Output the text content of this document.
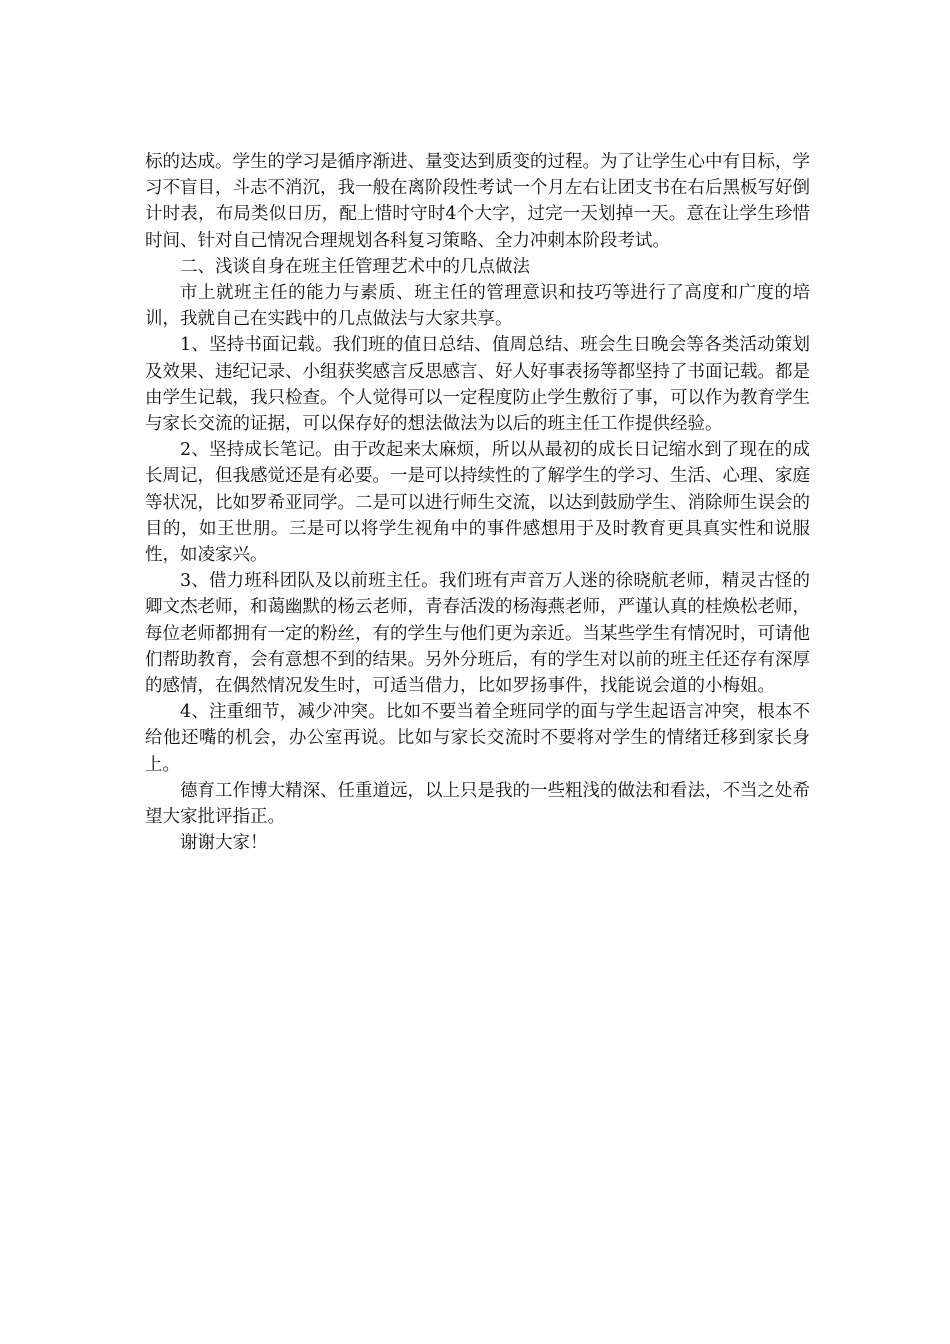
标的达成。学生的学习是循序渐进、量变达到质变的过程。为了让学生心中有目标，学习不盲目，斗志不消沉，我一般在离阶段性考试一个月左右让团支书在右后黑板写好倒计时表，布局类似日历，配上惜时守时4个大字，过完一天划掉一天。意在让学生珍惜时间、针对自己情况合理规划各科复习策略、全力冲刺本阶段考试。

二、浅谈自身在班主任管理艺术中的几点做法

市上就班主任的能力与素质、班主任的管理意识和技巧等进行了高度和广度的培训，我就自己在实践中的几点做法与大家共享。

1、坚持书面记载。我们班的值日总结、值周总结、班会生日晚会等各类活动策划及效果、违纪记录、小组获奖感言反思感言、好人好事表扬等都坚持了书面记载。都是由学生记载，我只检查。个人觉得可以一定程度防止学生敷衍了事，可以作为教育学生与家长交流的证据，可以保存好的想法做法为以后的班主任工作提供经验。

2、坚持成长笔记。由于改起来太麻烦，所以从最初的成长日记缩水到了现在的成长周记，但我感觉还是有必要。一是可以持续性的了解学生的学习、生活、心理、家庭等状况，比如罗希亚同学。二是可以进行师生交流，以达到鼓励学生、消除师生误会的目的，如王世朋。三是可以将学生视角中的事件感想用于及时教育更具真实性和说服性，如凌家兴。

3、借力班科团队及以前班主任。我们班有声音万人迷的徐晓航老师，精灵古怪的卿文杰老师，和蔼幽默的杨云老师，青春活泼的杨海燕老师，严谨认真的桂焕松老师，每位老师都拥有一定的粉丝，有的学生与他们更为亲近。当某些学生有情况时，可请他们帮助教育，会有意想不到的结果。另外分班后，有的学生对以前的班主任还存有深厚的感情，在偶然情况发生时，可适当借力，比如罗扬事件，找能说会道的小梅姐。

4、注重细节，减少冲突。比如不要当着全班同学的面与学生起语言冲突，根本不给他还嘴的机会，办公室再说。比如与家长交流时不要将对学生的情绪迁移到家长身上。

德育工作博大精深、任重道远，以上只是我的一些粗浅的做法和看法，不当之处希望大家批评指正。

谢谢大家！
